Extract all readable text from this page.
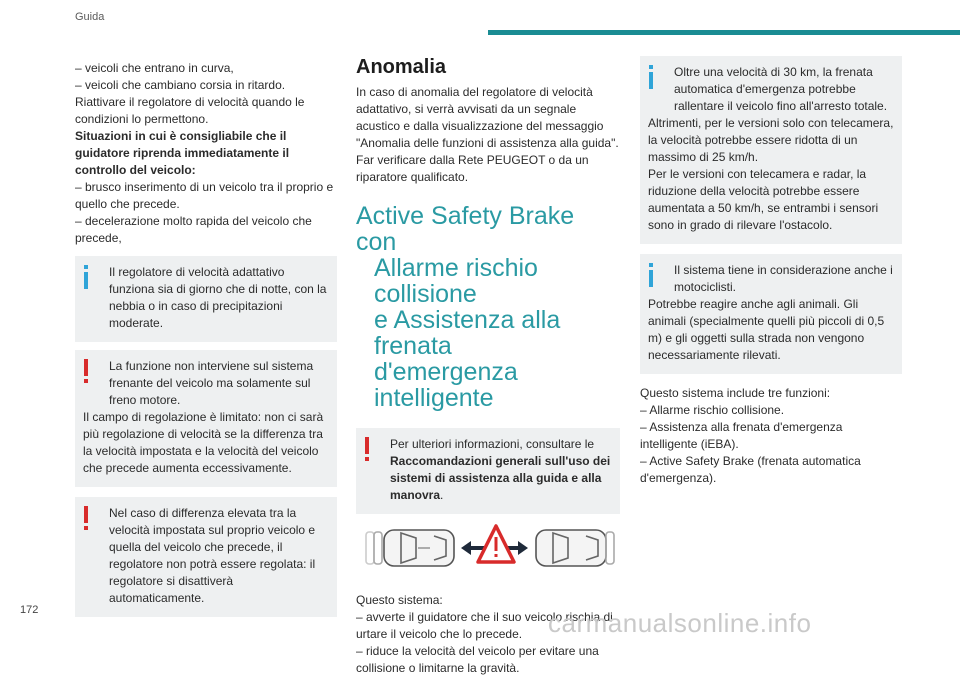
Guida

– veicoli che entrano in curva,

– veicoli che cambiano corsia in ritardo.

Riattivare il regolatore di velocità quando le condizioni lo permettono.

Situazioni in cui è consigliabile che il guidatore riprenda immediatamente il controllo del veicolo:

– brusco inserimento di un veicolo tra il proprio e quello che precede.

– decelerazione molto rapida del veicolo che precede,

Il regolatore di velocità adattativo funziona sia di giorno che di notte, con la nebbia o in caso di precipitazioni moderate.
La funzione non interviene sul sistema frenante del veicolo ma solamente sul freno motore.
Il campo di regolazione è limitato: non ci sarà più regolazione di velocità se la differenza tra la velocità impostata e la velocità del veicolo che precede aumenta eccessivamente.
Nel caso di differenza elevata tra la velocità impostata sul proprio veicolo e quella del veicolo che precede, il regolatore non potrà essere regolata: il regolatore si disattiverà automaticamente.
Anomalia

In caso di anomalia del regolatore di velocità adattativo, si verrà avvisati da un segnale acustico e dalla visualizzazione del messaggio "Anomalia delle funzioni di assistenza alla guida".

Far verificare dalla Rete PEUGEOT o da un riparatore qualificato.

Active Safety Brake con
Allarme rischio collisione
e Assistenza alla frenata
d'emergenza intelligente
Per ulteriori informazioni, consultare le Raccomandazioni generali sull'uso dei sistemi di assistenza alla guida e alla manovra.

Questo sistema:

– avverte il guidatore che il suo veicolo rischia di urtare il veicolo che lo precede.

– riduce la velocità del veicolo per evitare una collisione o limitarne la gravità.

Oltre una velocità di 30 km, la frenata automatica d'emergenza potrebbe rallentare il veicolo fino all'arresto totale.
Altrimenti, per le versioni solo con telecamera, la velocità potrebbe essere ridotta di un massimo di 25 km/h.
Per le versioni con telecamera e radar, la riduzione della velocità potrebbe essere aumentata a 50 km/h, se entrambi i sensori sono in grado di rilevare l'ostacolo.
Il sistema tiene in considerazione anche i motociclisti.
Potrebbe reagire anche agli animali. Gli animali (specialmente quelli più piccoli di 0,5 m) e gli oggetti sulla strada non vengono necessariamente rilevati.

Questo sistema include tre funzioni:

– Allarme rischio collisione.

– Assistenza alla frenata d'emergenza intelligente (iEBA).

– Active Safety Brake (frenata automatica d'emergenza).

172	carmanualsonline.info
